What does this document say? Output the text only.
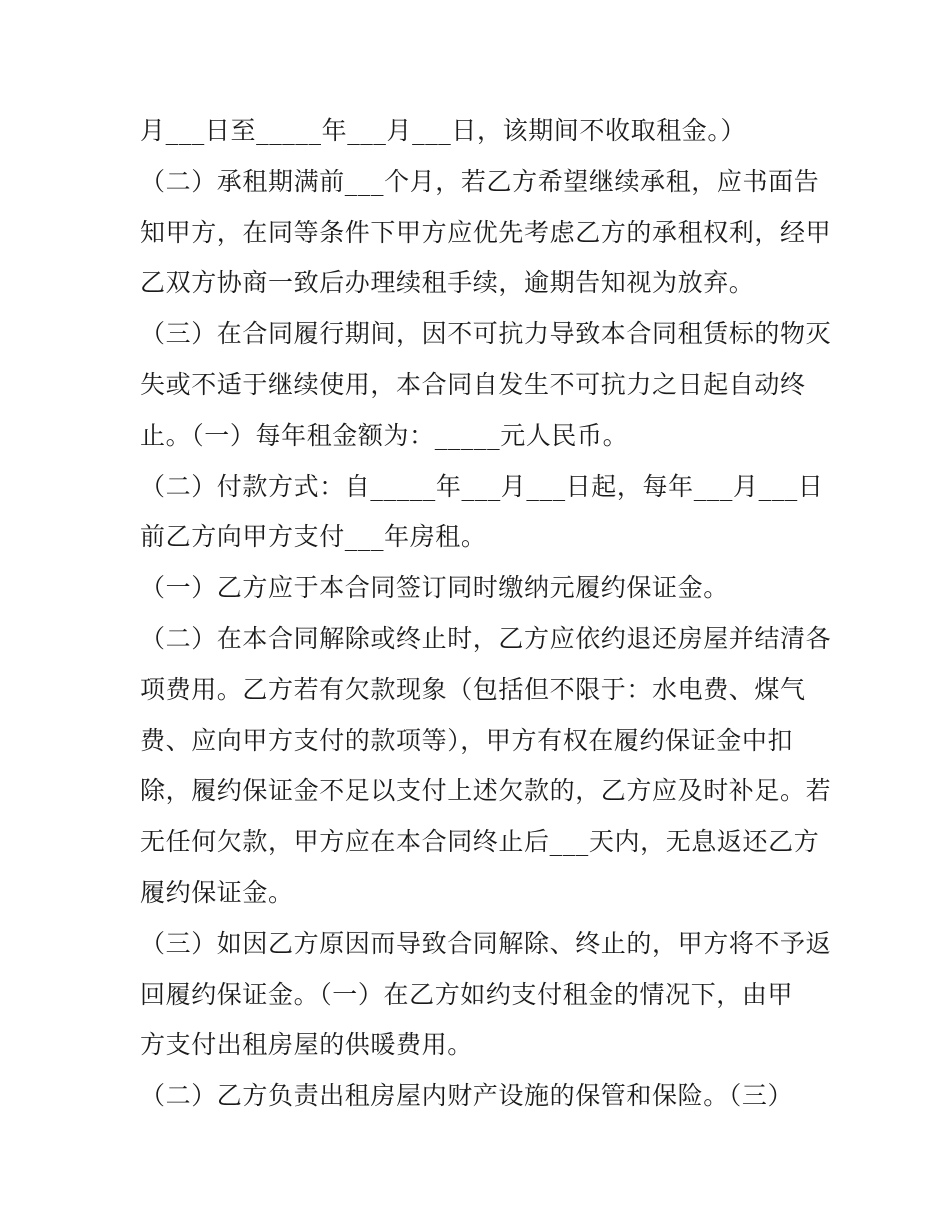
月___日至_____年___月___日，该期间不收取租金。）
（二）承租期满前___个月，若乙方希望继续承租，应书面告
知甲方，在同等条件下甲方应优先考虑乙方的承租权利，经甲
乙双方协商一致后办理续租手续，逾期告知视为放弃。
（三）在合同履行期间，因不可抗力导致本合同租赁标的物灭
失或不适于继续使用，本合同自发生不可抗力之日起自动终
止。（一）每年租金额为：_____元人民币。
（二）付款方式：自_____年___月___日起，每年___月___日
前乙方向甲方支付___年房租。
（一）乙方应于本合同签订同时缴纳元履约保证金。
（二）在本合同解除或终止时，乙方应依约退还房屋并结清各
项费用。乙方若有欠款现象（包括但不限于：水电费、煤气
费、应向甲方支付的款项等），甲方有权在履约保证金中扣
除，履约保证金不足以支付上述欠款的，乙方应及时补足。若
无任何欠款，甲方应在本合同终止后___天内，无息返还乙方
履约保证金。
（三）如因乙方原因而导致合同解除、终止的，甲方将不予返
回履约保证金。（一）在乙方如约支付租金的情况下，由甲
方支付出租房屋的供暖费用。
（二）乙方负责出租房屋内财产设施的保管和保险。（三）
